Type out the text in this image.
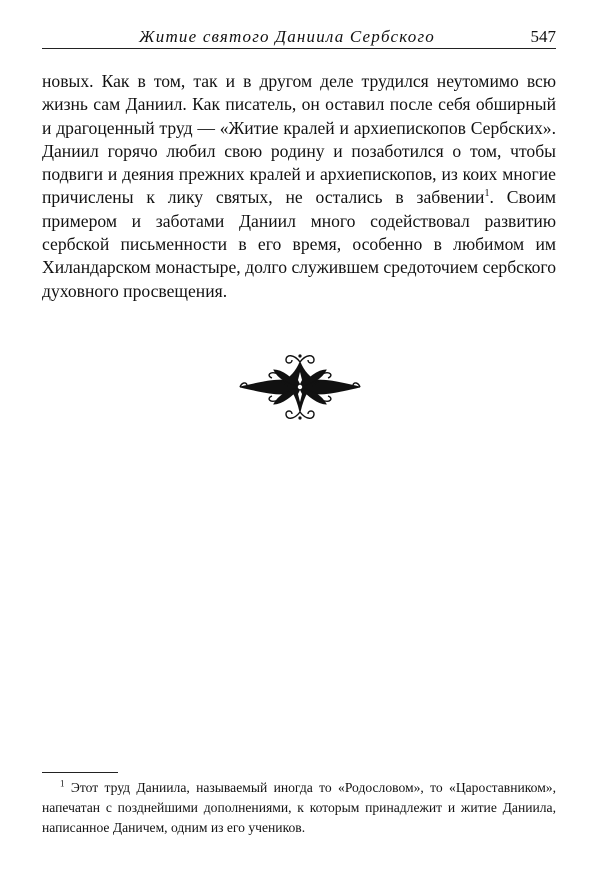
Житие святого Даниила Сербского	547

новых. Как в том, так и в другом деле трудился неутомимо всю жизнь сам Даниил. Как писатель, он оставил после себя обширный и драгоценный труд — «Житие кралей и архиепископов Сербских». Даниил горячо любил свою родину и позаботился о том, чтобы подвиги и деяния прежних кралей и архиепископов, из коих многие причислены к лику святых, не остались в забвении$^1$. Своим примером и заботами Даниил много содействовал развитию сербской письменности в его время, особенно в любимом им Хиландарском монастыре, долго служившем средоточием сербского духовного просвещения.

$^1$ Этот труд Даниила, называемый иногда то «Родословом», то «Цароставником», напечатан с позднейшими дополнениями, к которым принадлежит и житие Даниила, написанное Даничем, одним из его учеников.
